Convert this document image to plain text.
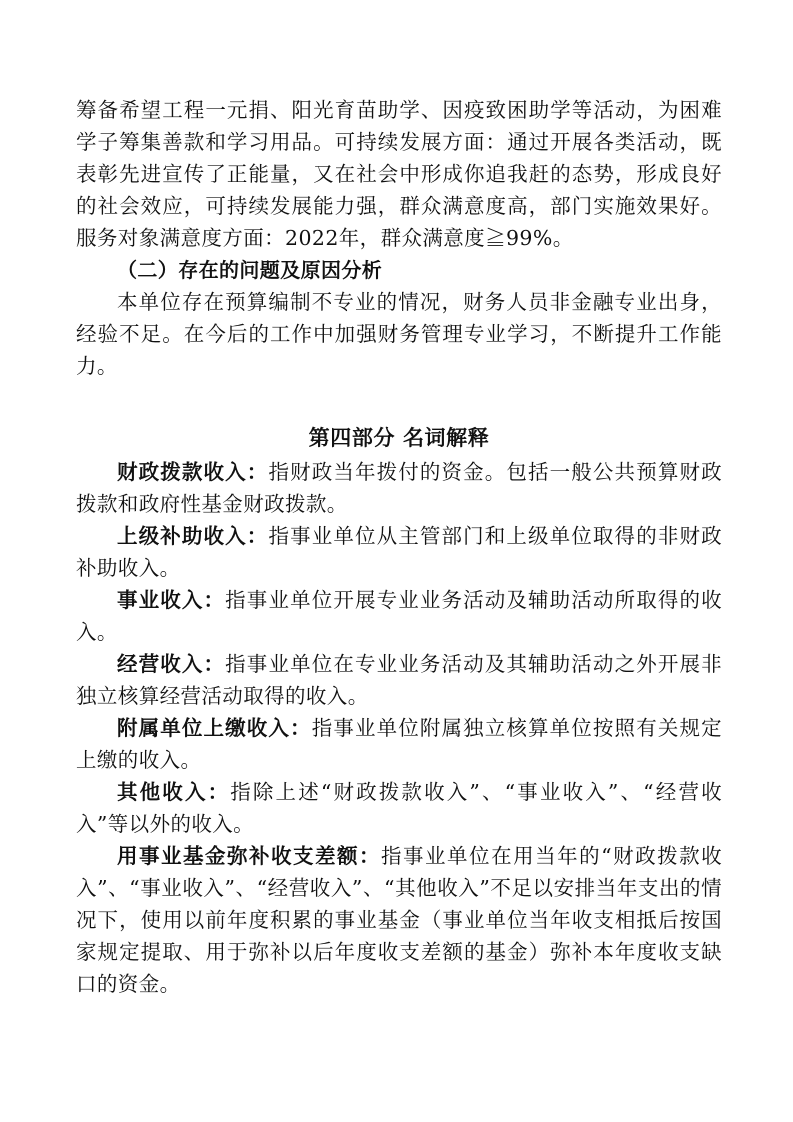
筹备希望工程一元捐、阳光育苗助学、因疫致困助学等活动，为困难学子筹集善款和学习用品。可持续发展方面：通过开展各类活动，既表彰先进宣传了正能量，又在社会中形成你追我赶的态势，形成良好的社会效应，可持续发展能力强，群众满意度高，部门实施效果好。服务对象满意度方面：2022年，群众满意度≧99%。

（二）存在的问题及原因分析

本单位存在预算编制不专业的情况，财务人员非金融专业出身，经验不足。在今后的工作中加强财务管理专业学习，不断提升工作能力。

第四部分 名词解释

财政拨款收入：指财政当年拨付的资金。包括一般公共预算财政拨款和政府性基金财政拨款。

上级补助收入：指事业单位从主管部门和上级单位取得的非财政补助收入。

事业收入：指事业单位开展专业业务活动及辅助活动所取得的收入。

经营收入：指事业单位在专业业务活动及其辅助活动之外开展非独立核算经营活动取得的收入。

附属单位上缴收入：指事业单位附属独立核算单位按照有关规定上缴的收入。

其他收入：指除上述“财政拨款收入”、“事业收入”、“经营收入”等以外的收入。

用事业基金弥补收支差额：指事业单位在用当年的“财政拨款收入”、“事业收入”、“经营收入”、“其他收入”不足以安排当年支出的情况下，使用以前年度积累的事业基金（事业单位当年收支相抵后按国家规定提取、用于弥补以后年度收支差额的基金）弥补本年度收支缺口的资金。
